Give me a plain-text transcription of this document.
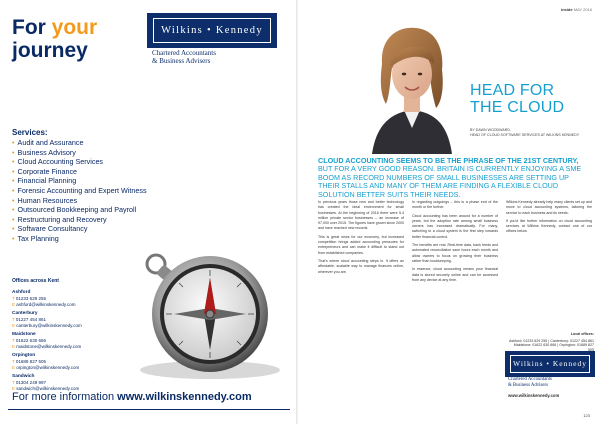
For your
journey
Wilkins • Kennedy
Chartered Accountants
& Business Advisers
Services:
• Audit and Assurance
• Business Advisory
• Cloud Accounting Services
• Corporate Finance
• Financial Planning
• Forensic Accounting and Expert Witness
• Human Resources
• Outsourced Bookkeeping and Payroll
• Restructuring and Recovery
• Software Consultancy
• Tax Planning
Offices across Kent
Ashford
T 01233 629 255
E ashford@wilkinskennedy.com
Canterbury
T 01227 454 861
E canterbury@wilkinskennedy.com
Maidstone
T 01622 630 666
E maidstone@wilkinskennedy.com
Orpington
T 01689 827 505
E orpington@wilkinskennedy.com
Sandwich
T 01304 249 997
E sandwich@wilkinskennedy.com
For more information www.wilkinskennedy.com
inside MAY 2016
HEAD FOR
THE CLOUD
BY DAWN WOODWARD,
HEAD OF CLOUD SOFTWARE SERVICES AT WILKINS KENNEDY
CLOUD ACCOUNTING SEEMS TO BE THE PHRASE OF THE 21ST CENTURY, BUT FOR A VERY GOOD REASON. BRITAIN IS CURRENTLY ENJOYING A SME BOOM AS RECORD NUMBERS OF SMALL BUSINESSES ARE SETTING UP THEIR STALLS AND MANY OF THEM ARE FINDING A FLEXIBLE CLOUD SOLUTION BETTER SUITS THEIR NEEDS.

In previous years those new and better technology has created the ideal environment for small businesses. At the beginning of 2016 there were 5.4 million private sector businesses – an increase of 97,000 over 2015. The figures have grown since 2000 and have reached new records.

This is great news for our economy, but increased competition brings added accounting pressures for entrepreneurs and can make it difficult to stand out from established companies.

That’s where cloud accounting steps in. It offers an affordable, scalable way to manage finances online, wherever you are.

In regarding outgoings – this is a phase end of the month or the further.

Cloud accounting has been around for a number of years, but the adoption rate among small business owners has increased dramatically. For many, switching to a cloud system is the first step towards better financial control.

The benefits are real. Real-time data, bank feeds and automated reconciliation save hours each month and allow owners to focus on growing their business rather than bookkeeping.

In essence, cloud accounting means your financial data is stored securely online and can be accessed from any device at any time.

Wilkins Kennedy already help many clients set up and move to cloud accounting systems, tailoring the service to each business and its needs.

If you’d like further information on cloud accounting services at Wilkins Kennedy, contact one of our offices below.

Local offices:
Ashford: 01233 629 255 | Canterbury: 01227 454 861
Maidstone: 01622 630 666 | Orpington: 01689 827 505
Wilkins • Kennedy
Chartered Accountants
& Business Advisers
www.wilkinskennedy.com
123
